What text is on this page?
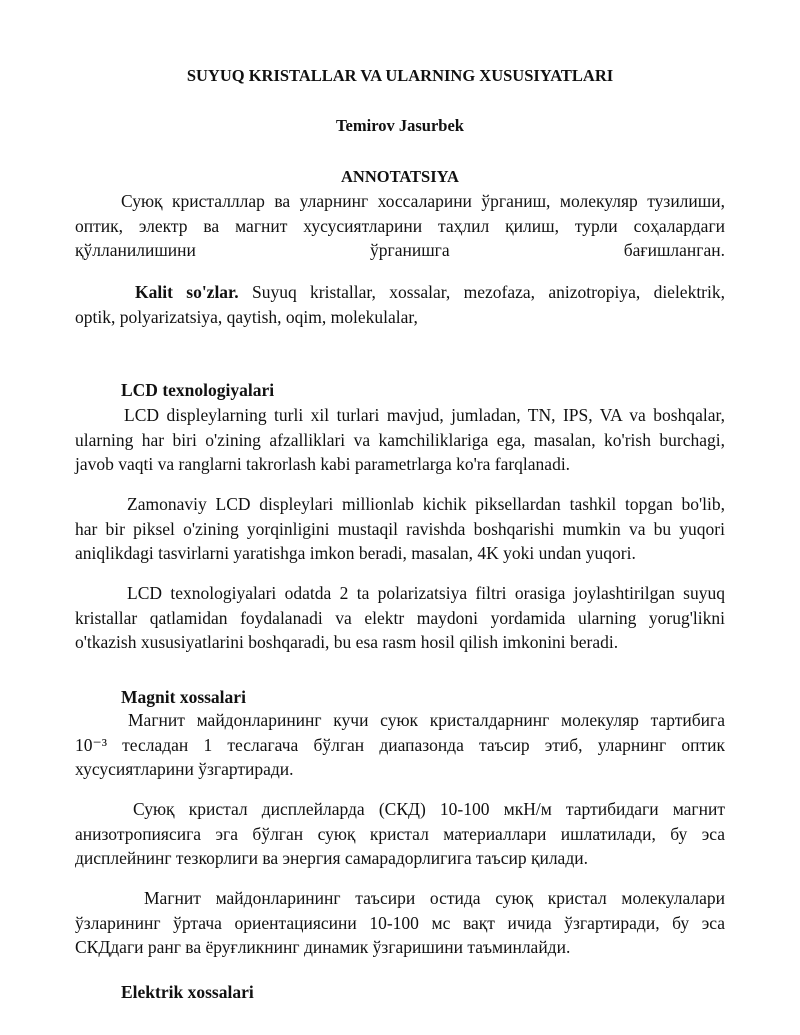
SUYUQ KRISTALLAR VA ULARNING XUSUSIYATLARI
Temirov Jasurbek
ANNOTATSIYA
Суюқ кристалллар ва уларнинг хоссаларини ўрганиш, молекуляр тузилиши,
оптик, электр ва магнит хусусиятларини таҳлил қилиш, турли соҳалардаги
қўлланилишини ўрганишга бағишланган.
Kalit so'zlar. Suyuq kristallar, xossalar, mezofaza, anizotropiya, dielektrik,
optik, polyarizatsiya, qaytish, oqim, molekulalar,
LCD texnologiyalari
LCD displeylarning turli xil turlari mavjud, jumladan, TN, IPS, VA va boshqalar,
ularning har biri o'zining afzalliklari va kamchiliklariga ega, masalan, ko'rish burchagi,
javob vaqti va ranglarni takrorlash kabi parametrlarga ko'ra farqlanadi.
Zamonaviy LCD displeylari millionlab kichik piksellardan tashkil topgan bo'lib,
har bir piksel o'zining yorqinligini mustaqil ravishda boshqarishi mumkin va bu yuqori
aniqlikdagi tasvirlarni yaratishga imkon beradi, masalan, 4K yoki undan yuqori.
LCD texnologiyalari odatda 2 ta polarizatsiya filtri orasiga joylashtirilgan suyuq
kristallar qatlamidan foydalanadi va elektr maydoni yordamida ularning yorug'likni
o'tkazish xususiyatlarini boshqaradi, bu esa rasm hosil qilish imkonini beradi.
Magnit xossalari
Магнит майдонларининг кучи суюк кристалдарнинг молекуляр тартибига
10⁻³ тесладан 1 теслагача бўлган диапазонда таъсир этиб, уларнинг оптик
хусусиятларини ўзгартиради.
Суюқ кристал дисплейларда (СКД) 10-100 мкН/м тартибидаги магнит
анизотропиясига эга бўлган суюқ кристал материаллари ишлатилади, бу эса
дисплейнинг тезкорлиги ва энергия самарадорлигига таъсир қилади.
Магнит майдонларининг таъсири остида суюқ кристал молекулалари
ўзларининг ўртача ориентациясини 10-100 мс вақт ичида ўзгартиради, бу эса
СКДдаги ранг ва ёруғликнинг динамик ўзгаришини таъминлайди.
Elektrik xossalari
